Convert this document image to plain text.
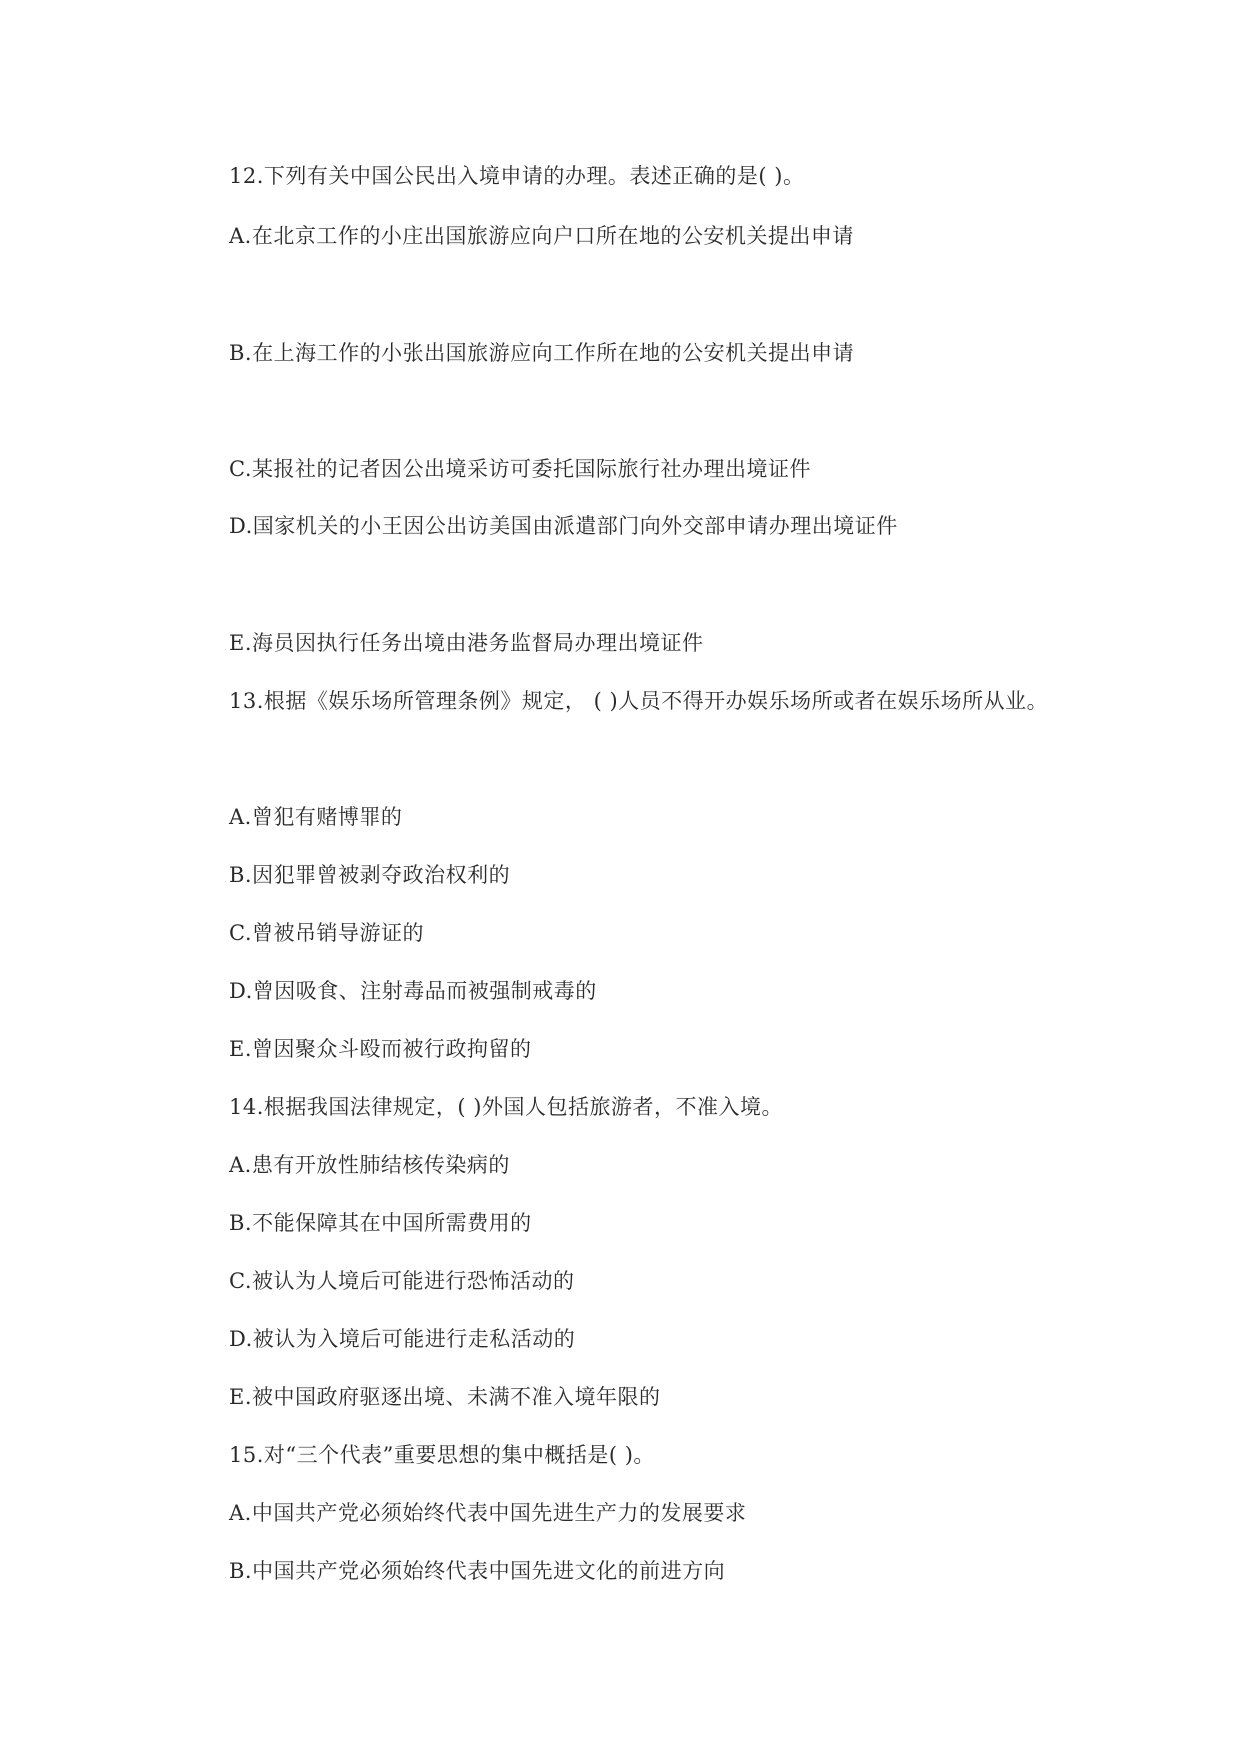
12.下列有关中国公民出入境申请的办理。表述正确的是( )。
A.在北京工作的小庄出国旅游应向户口所在地的公安机关提出申请
B.在上海工作的小张出国旅游应向工作所在地的公安机关提出申请
C.某报社的记者因公出境采访可委托国际旅行社办理出境证件
D.国家机关的小王因公出访美国由派遣部门向外交部申请办理出境证件
E.海员因执行任务出境由港务监督局办理出境证件
13.根据《娱乐场所管理条例》规定， ( )人员不得开办娱乐场所或者在娱乐场所从业。
A.曾犯有赌博罪的
B.因犯罪曾被剥夺政治权利的
C.曾被吊销导游证的
D.曾因吸食、注射毒品而被强制戒毒的
E.曾因聚众斗殴而被行政拘留的
14.根据我国法律规定，( )外国人包括旅游者，不准入境。
A.患有开放性肺结核传染病的
B.不能保障其在中国所需费用的
C.被认为人境后可能进行恐怖活动的
D.被认为入境后可能进行走私活动的
E.被中国政府驱逐出境、未满不准入境年限的
15.对“三个代表”重要思想的集中概括是( )。
A.中国共产党必须始终代表中国先进生产力的发展要求
B.中国共产党必须始终代表中国先进文化的前进方向
